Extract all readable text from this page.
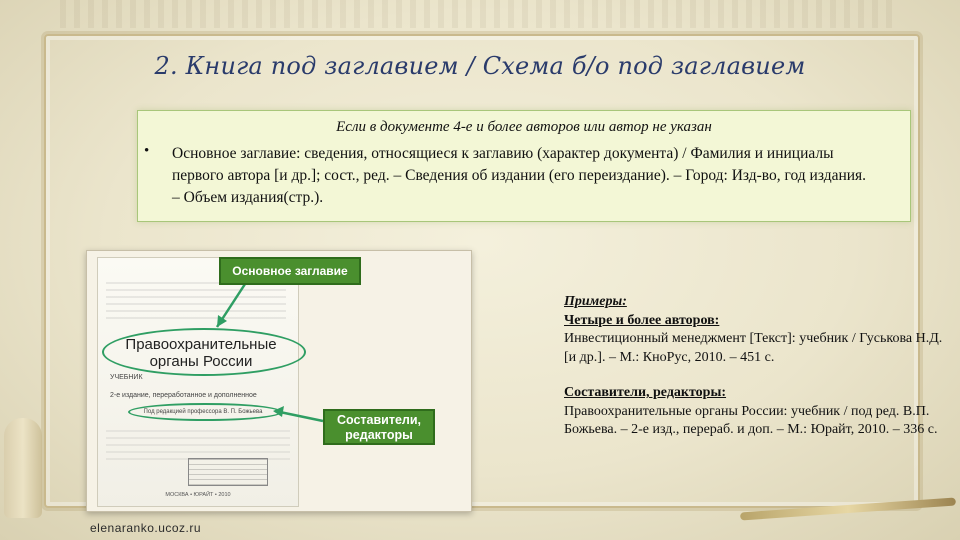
2. Книга под заглавием / Схема б/о под заглавием
Если в документе 4-е и более авторов или автор не указан
• Основное заглавие: сведения, относящиеся к заглавию (характер документа) / Фамилия и инициалы первого автора [и др.]; сост., ред. – Сведения об издании (его переиздание). – Город: Изд-во, год издания. – Объем издания(стр.).
Правоохранительные органы России
УЧЕБНИК
2-е издание, переработанное и дополненное
Под редакцией профессора В. П. Божьева
МОСКВА • ЮРАЙТ • 2010
Основное заглавие
Составители, редакторы
Примеры:
Четыре и более авторов:
Инвестиционный менеджмент [Текст]: учебник / Гуськова Н.Д. [и др.]. – М.: КноРус, 2010. – 451 с.
Составители, редакторы:
Правоохранительные органы России: учебник / под ред. В.П. Божьева. – 2-е изд., перераб. и доп. – М.: Юрайт, 2010. – 336 с.
elenaranko.ucoz.ru
